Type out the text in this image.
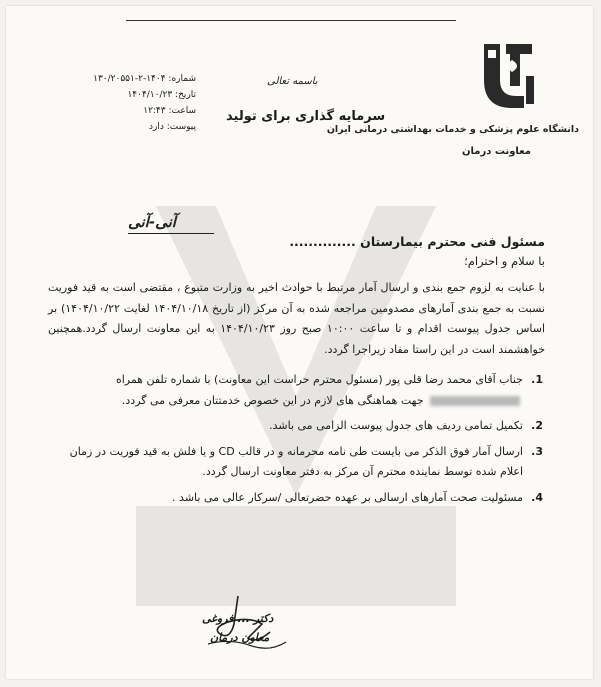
دانشگاه علوم پزشکی و خدمات بهداشتی درمانی ایران
معاونت درمان
باسمه تعالی
سرمایه گذاری برای تولید
شماره: ۱۴۰۴-۲-۱۳۰/۲۰۵۵۱
تاریخ: ۱۴۰۴/۱۰/۲۳
ساعت: ۱۲:۴۳
پیوست: دارد
آنی-آنی
مسئول فنی محترم بیمارستان ..............
با سلام و احترام؛
با عنایت به لزوم جمع بندی و ارسال آمار مرتبط با حوادث اخیر به وزارت متبوع ، مقتضی است به قید فوریت نسبت به جمع بندی آمارهای مصدومین مراجعه شده به آن مرکز (از تاریخ ۱۴۰۴/۱۰/۱۸ لغایت ۱۴۰۴/۱۰/۲۲) بر اساس جدول پیوست اقدام و تا ساعت ۱۰:۰۰ صبح روز ۱۴۰۴/۱۰/۲۳ به این معاونت ارسال گردد.همچنین خواهشمند است در این راستا مفاد زیراجرا گردد.
1.
جناب آقای محمد رضا قلی پور (مسئول محترم حراست این معاونت) با شماره تلفن همراه  جهت هماهنگی های لازم در این خصوص خدمتتان معرفی می گردد.
2.
تکمیل تمامی ردیف های جدول پیوست الزامی می باشد.
3.
ارسال آمار فوق الذکر می بایست طی نامه محرمانه و در قالب CD و یا فلش به قید فوریت در زمان اعلام شده توسط نماینده محترم آن مرکز به دفتر معاونت ارسال گردد.
4.
مسئولیت صحت آمارهای ارسالی بر عهده حضرتعالی /سرکار عالی می باشد .
دکتر ... فروغی
معاون درمان
